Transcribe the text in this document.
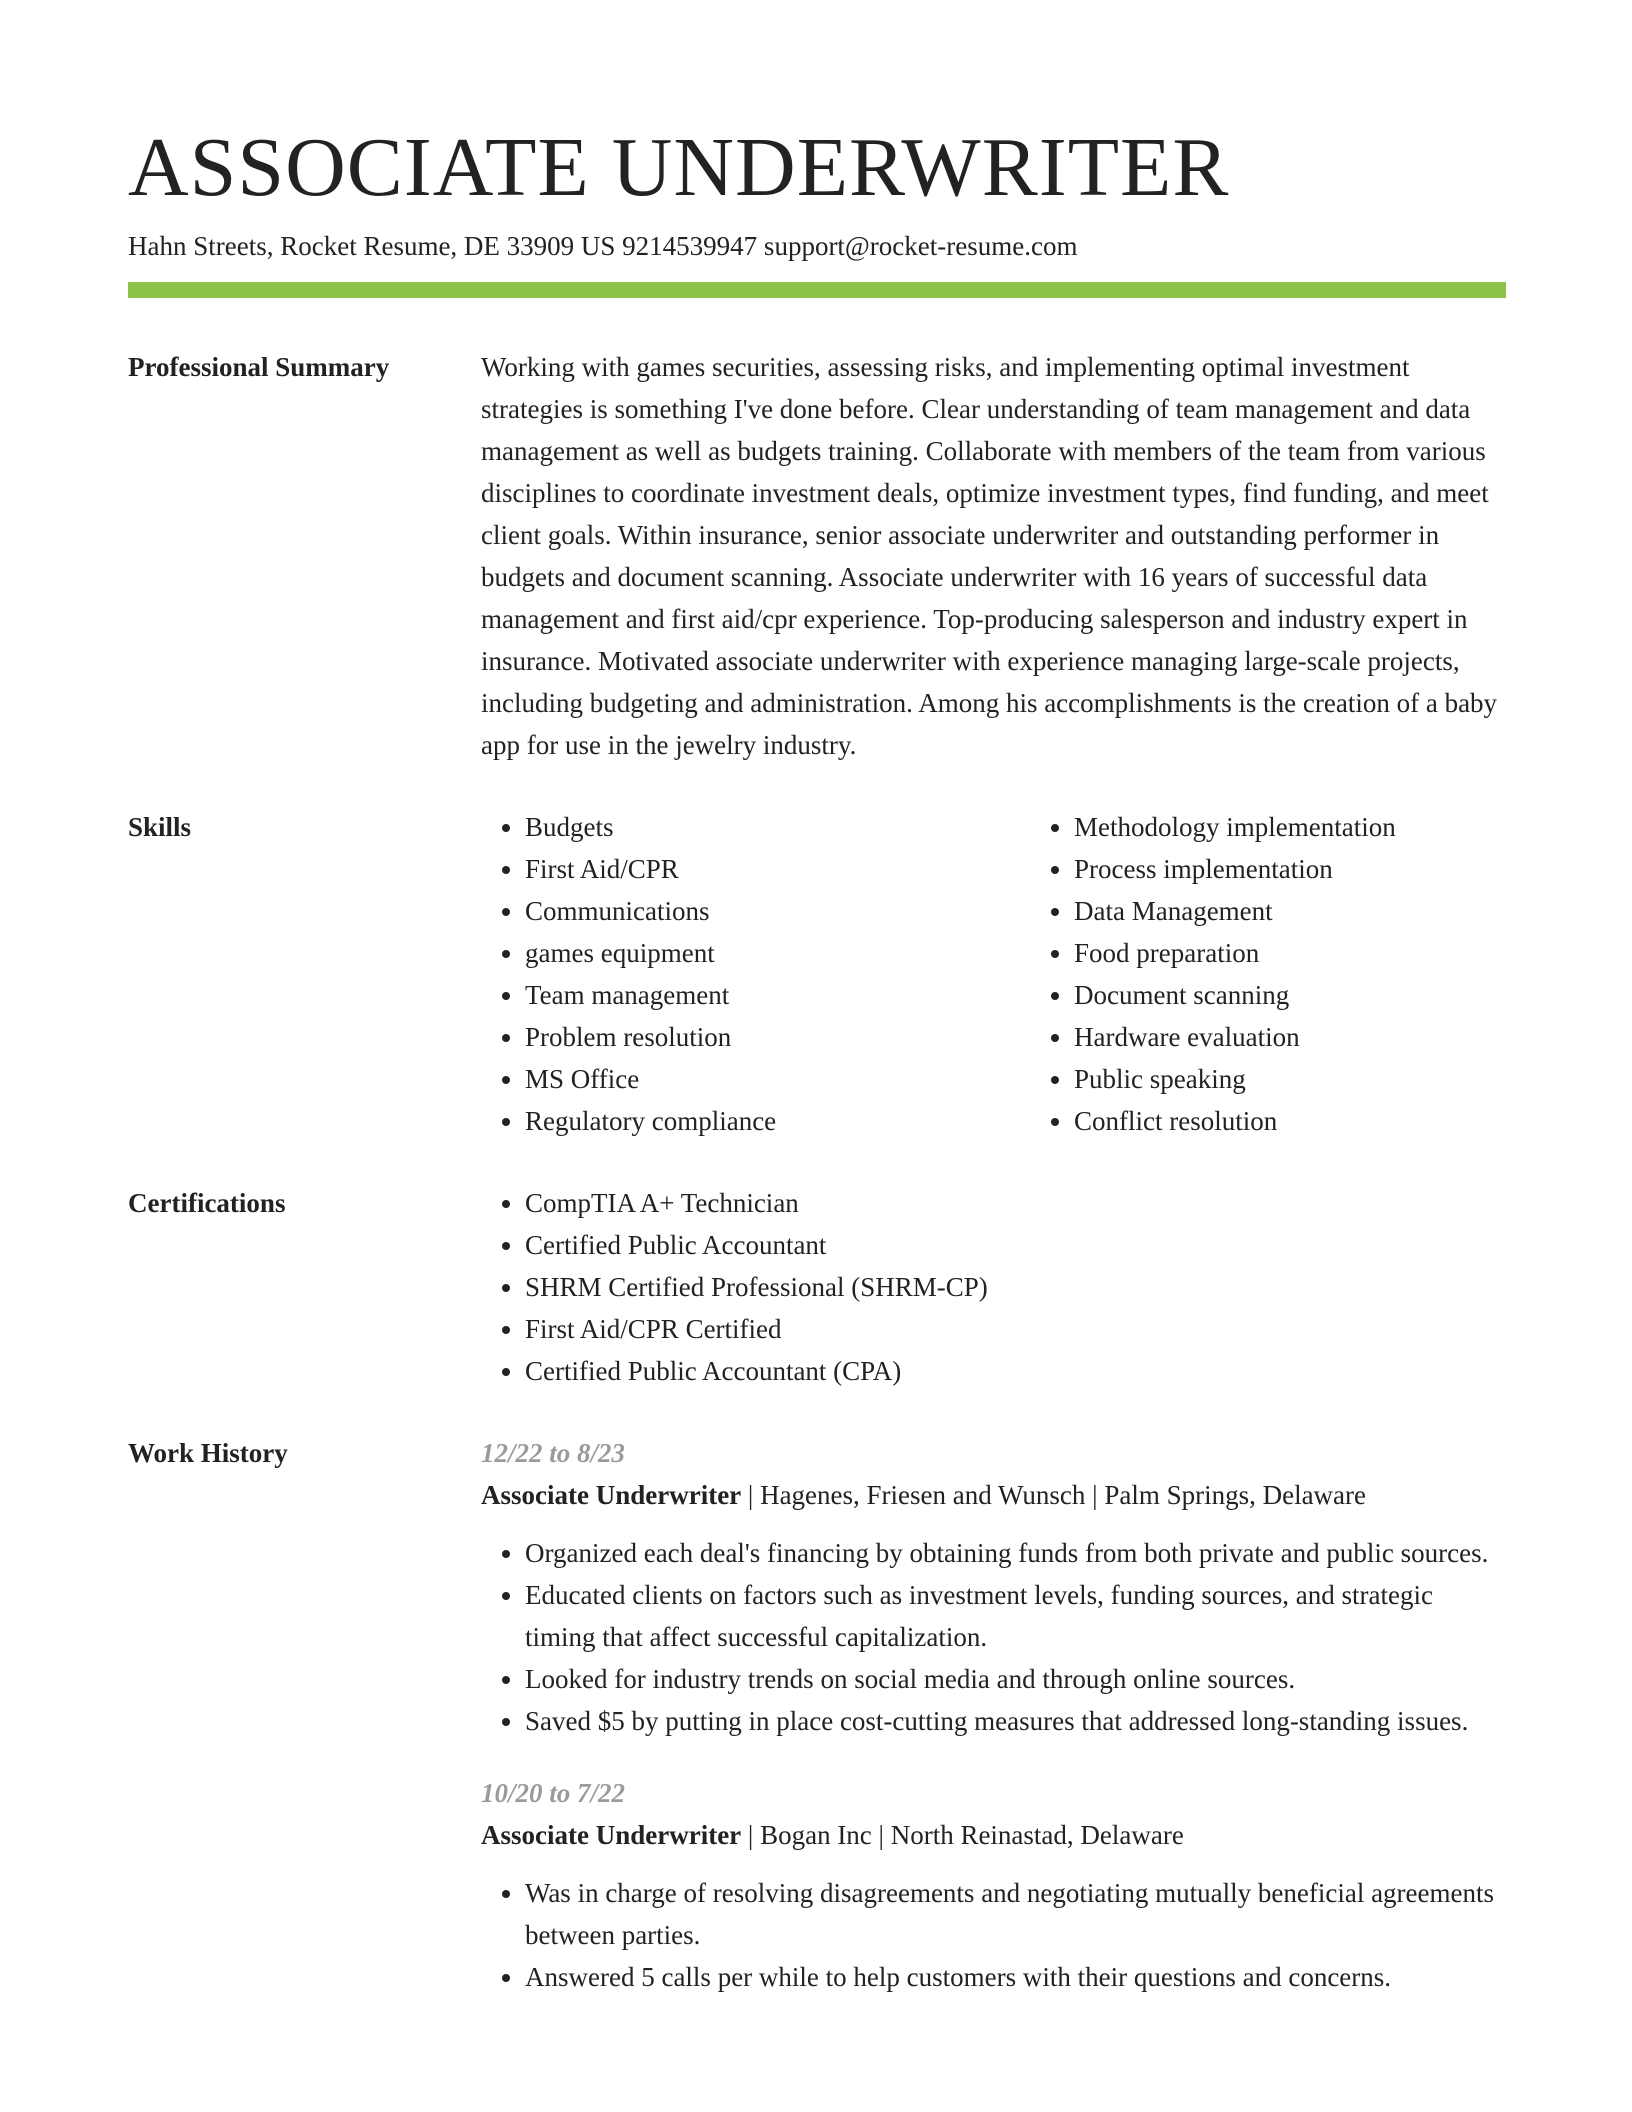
ASSOCIATE UNDERWRITER
Hahn Streets, Rocket Resume, DE 33909 US 9214539947 support@rocket-resume.com
Professional Summary	Working with games securities, assessing risks, and implementing optimal investment strategies is something I've done before. Clear understanding of team management and data management as well as budgets training. Collaborate with members of the team from various disciplines to coordinate investment deals, optimize investment types, find funding, and meet client goals. Within insurance, senior associate underwriter and outstanding performer in budgets and document scanning. Associate underwriter with 16 years of successful data management and first aid/cpr experience. Top-producing salesperson and industry expert in insurance. Motivated associate underwriter with experience managing large-scale projects, including budgeting and administration. Among his accomplishments is the creation of a baby app for use in the jewelry industry.

Skills	• Budgets
• First Aid/CPR
• Communications
• games equipment
• Team management
• Problem resolution
• MS Office
• Regulatory compliance
• Methodology implementation
• Process implementation
• Data Management
• Food preparation
• Document scanning
• Hardware evaluation
• Public speaking
• Conflict resolution
Certifications	• CompTIA A+ Technician
• Certified Public Accountant
• SHRM Certified Professional (SHRM-CP)
• First Aid/CPR Certified
• Certified Public Accountant (CPA)
Work History	12/22 to 8/23
Associate Underwriter | Hagenes, Friesen and Wunsch | Palm Springs, Delaware
• Organized each deal's financing by obtaining funds from both private and public sources.
• Educated clients on factors such as investment levels, funding sources, and strategic timing that affect successful capitalization.
• Looked for industry trends on social media and through online sources.
• Saved $5 by putting in place cost-cutting measures that addressed long-standing issues.
10/20 to 7/22
Associate Underwriter | Bogan Inc | North Reinastad, Delaware
• Was in charge of resolving disagreements and negotiating mutually beneficial agreements between parties.
• Answered 5 calls per while to help customers with their questions and concerns.
